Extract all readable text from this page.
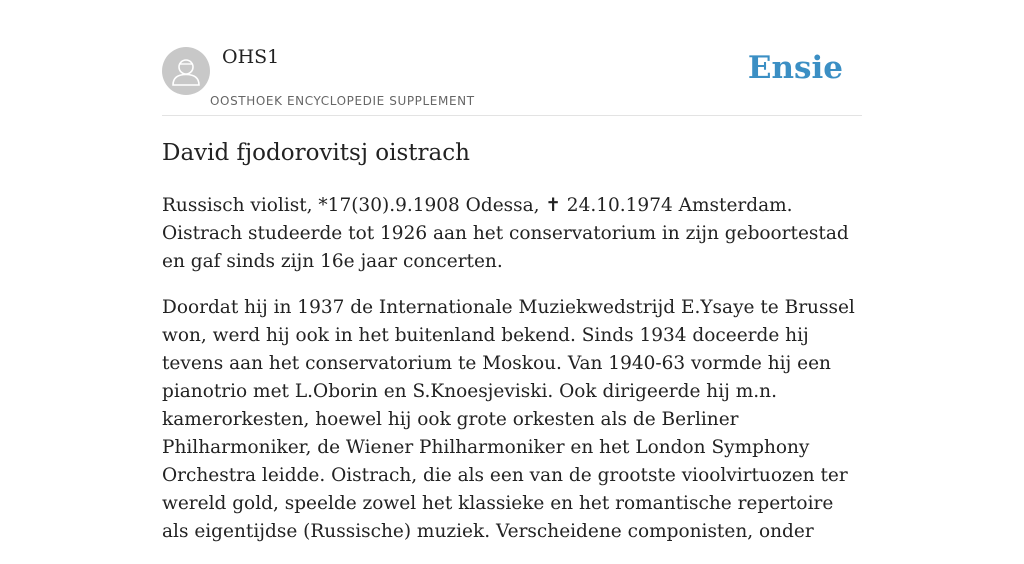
OHS1
OOSTHOEK ENCYCLOPEDIE SUPPLEMENT
Ensie
David fjodorovitsj oistrach

Russisch violist, *17(30).9.1908 Odessa, ✝ 24.10.1974 Amsterdam. Oistrach studeerde tot 1926 aan het conservatorium in zijn geboortestad en gaf sinds zijn 16e jaar concerten.

Doordat hij in 1937 de Internationale Muziekwedstrijd E.Ysaye te Brussel won, werd hij ook in het buitenland bekend. Sinds 1934 doceerde hij tevens aan het conservatorium te Moskou. Van 1940-63 vormde hij een pianotrio met L.Oborin en S.Knoesjeviski. Ook dirigeerde hij m.n. kamerorkesten, hoewel hij ook grote orkesten als de Berliner Philharmoniker, de Wiener Philharmoniker en het London Symphony Orchestra leidde. Oistrach, die als een van de grootste vioolvirtuozen ter wereld gold, speelde zowel het klassieke en het romantische repertoire als eigentijdse (Russische) muziek. Verscheidene componisten, onder
